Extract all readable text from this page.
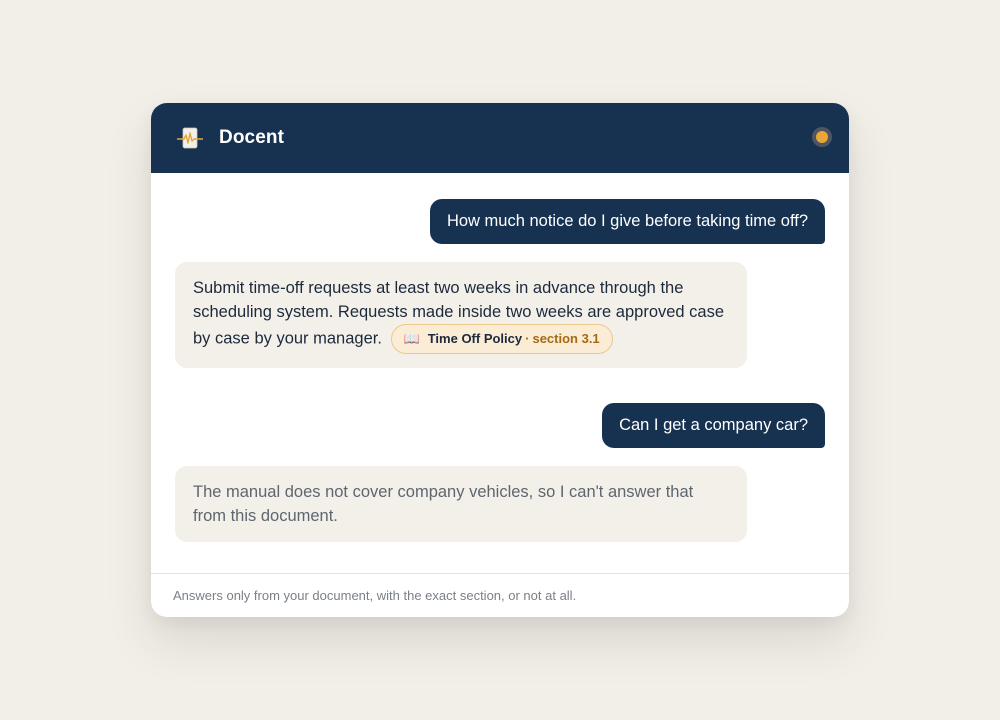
Docent
How much notice do I give before taking time off?
Submit time-off requests at least two weeks in advance through the scheduling system. Requests made inside two weeks are approved case by case by your manager. 📖 Time Off Policy · section 3.1
Can I get a company car?
The manual does not cover company vehicles, so I can't answer that from this document.
Answers only from your document, with the exact section, or not at all.
